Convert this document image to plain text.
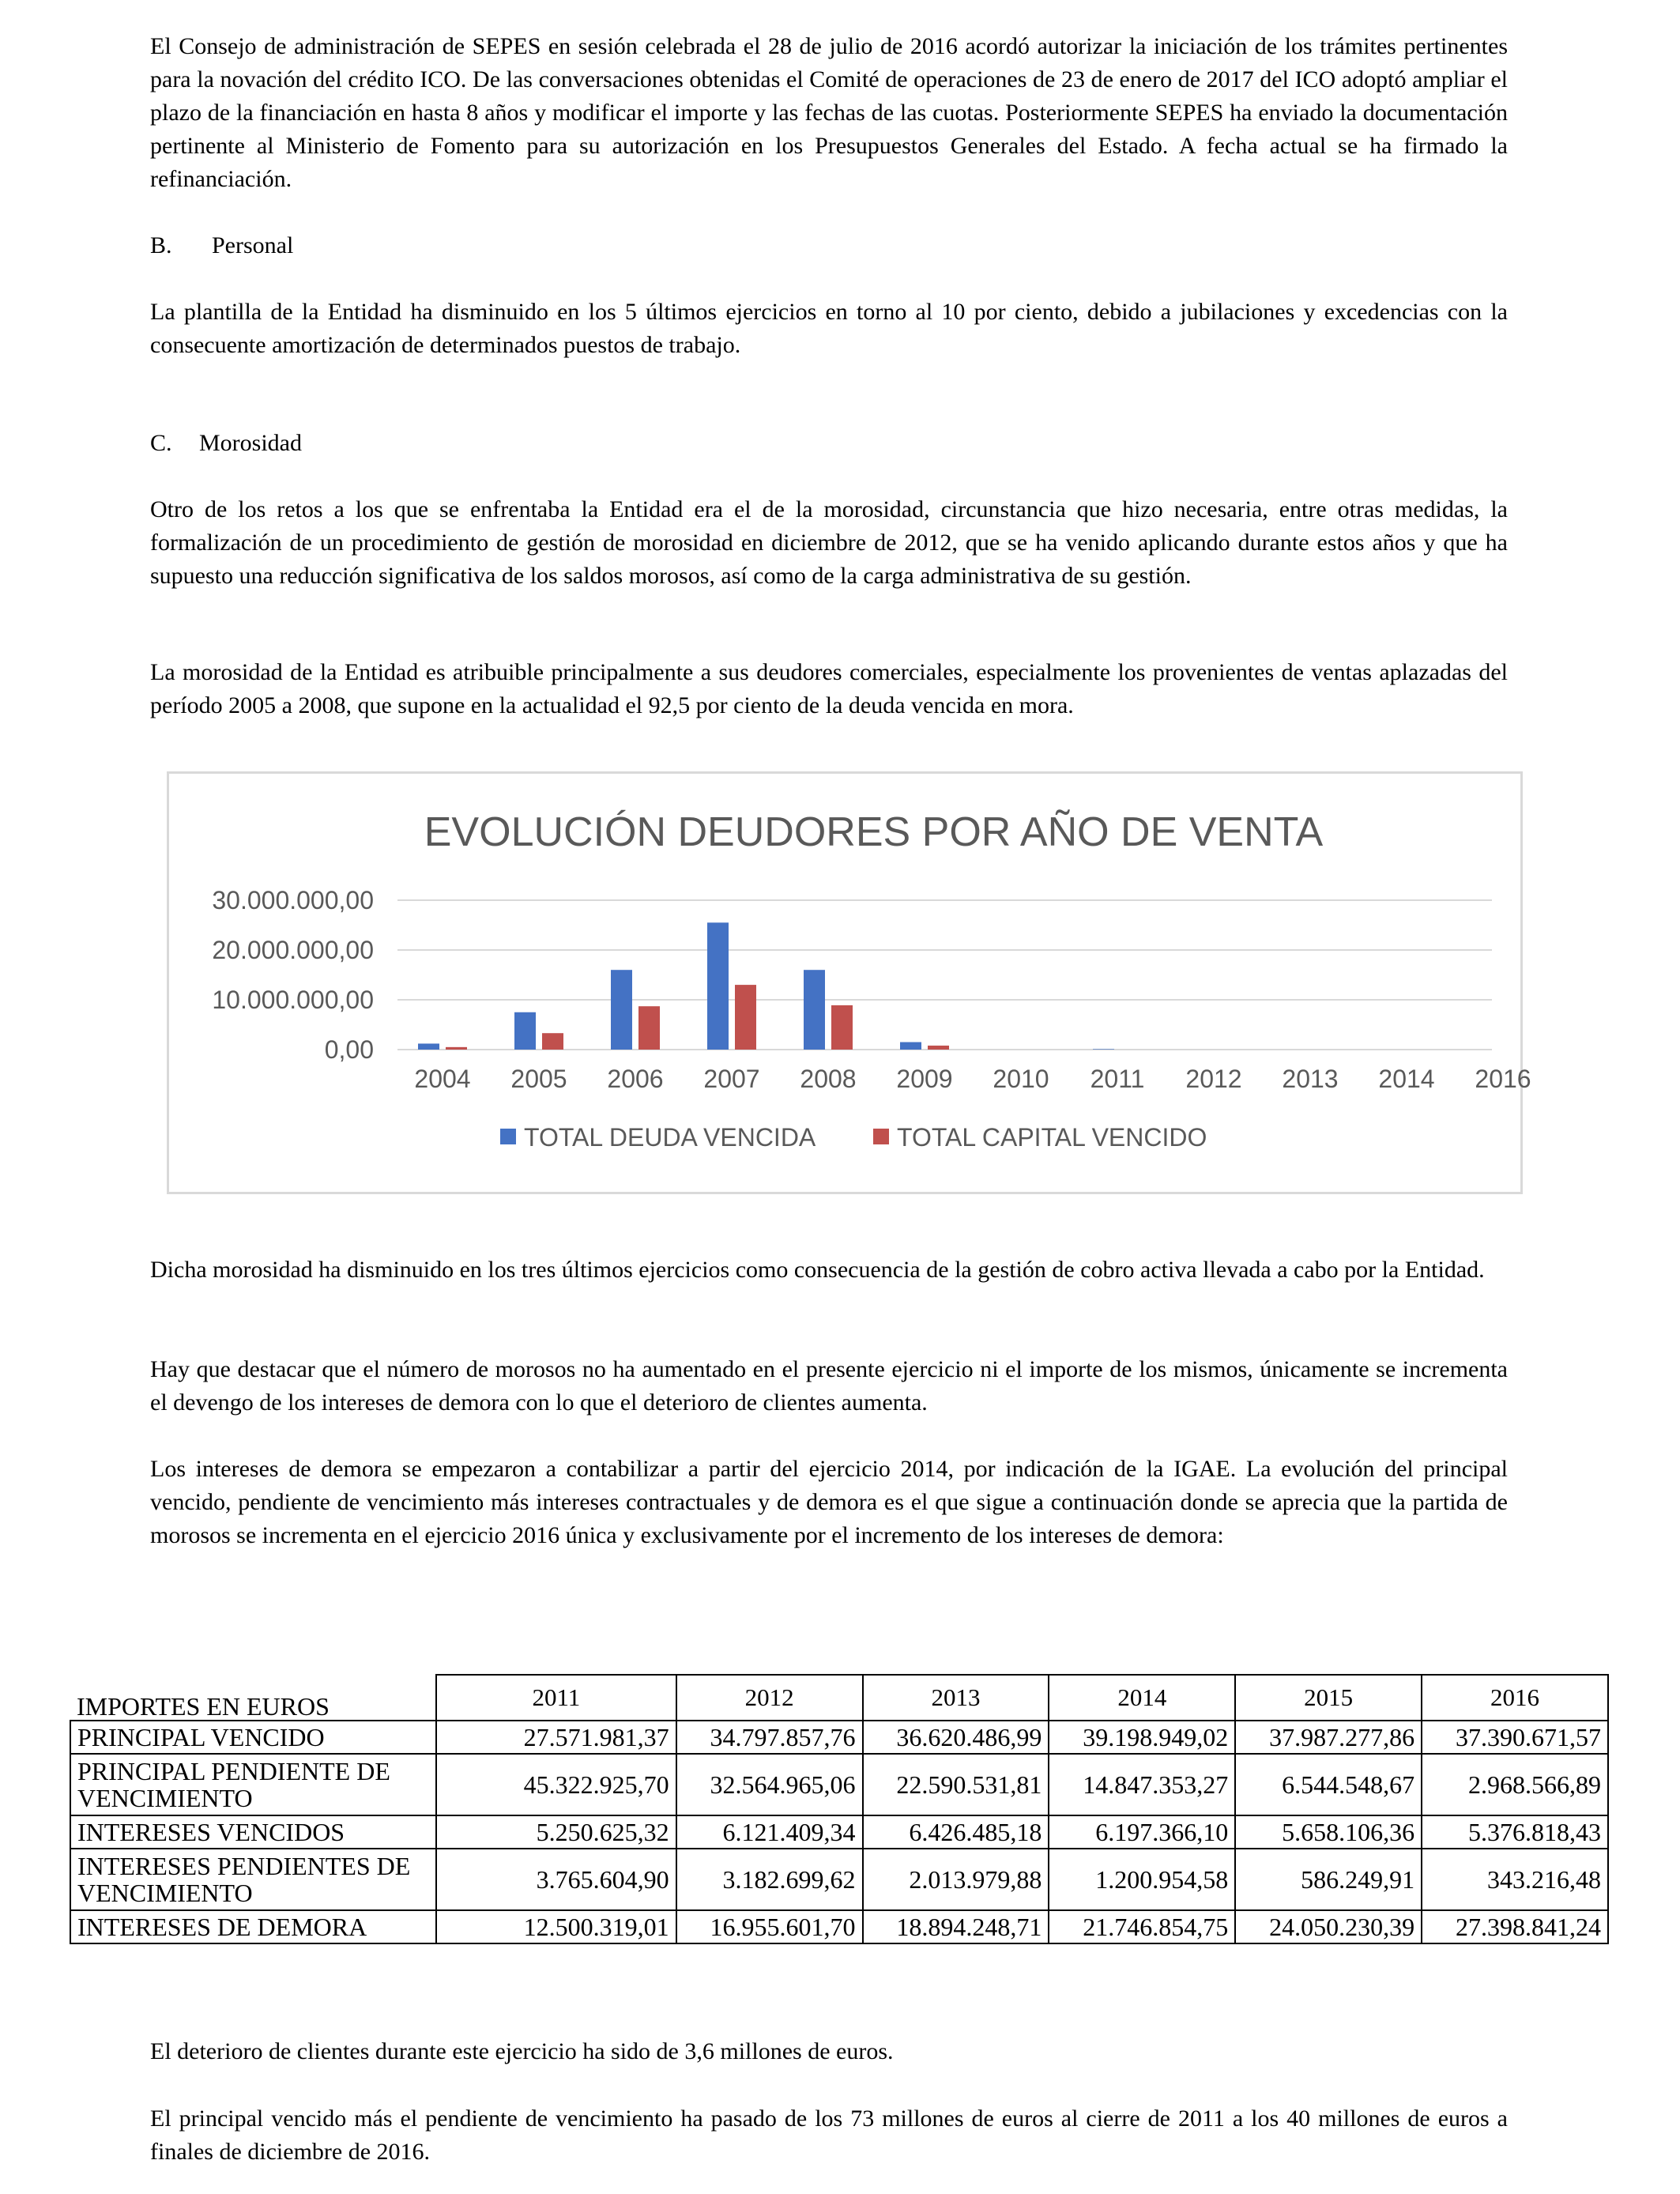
El Consejo de administración de SEPES en sesión celebrada el 28 de julio de 2016 acordó autorizar la iniciación de los trámites pertinentes para la novación del crédito ICO. De las conversaciones obtenidas el Comité de operaciones de 23 de enero de 2017 del ICO adoptó ampliar el plazo de la financiación en hasta 8 años y modificar el importe y las fechas de las cuotas. Posteriormente SEPES ha enviado la documentación pertinente al Ministerio de Fomento para su autorización en los Presupuestos Generales del Estado. A fecha actual se ha firmado la refinanciación.

B. Personal

La plantilla de la Entidad ha disminuido en los 5 últimos ejercicios en torno al 10 por ciento, debido a jubilaciones y excedencias con la consecuente amortización de determinados puestos de trabajo.

C. Morosidad

Otro de los retos a los que se enfrentaba la Entidad era el de la morosidad, circunstancia que hizo necesaria, entre otras medidas, la formalización de un procedimiento de gestión de morosidad en diciembre de 2012, que se ha venido aplicando durante estos años y que ha supuesto una reducción significativa de los saldos morosos, así como de la carga administrativa de su gestión.

La morosidad de la Entidad es atribuible principalmente a sus deudores comerciales, especialmente los provenientes de ventas aplazadas del período 2005 a 2008, que supone en la actualidad el 92,5 por ciento de la deuda vencida en mora.

EVOLUCIÓN DEUDORES POR AÑO DE VENTA
0,00
10.000.000,00
20.000.000,00
30.000.000,00
2004 2005 2006 2007 2008 2009 2010 2011 2012 2013 2014 2016
TOTAL DEUDA VENCIDA	TOTAL CAPITAL VENCIDO

Dicha morosidad ha disminuido en los tres últimos ejercicios como consecuencia de la gestión de cobro activa llevada a cabo por la Entidad.

Hay que destacar que el número de morosos no ha aumentado en el presente ejercicio ni el importe de los mismos, únicamente se incrementa el devengo de los intereses de demora con lo que el deterioro de clientes aumenta.

Los intereses de demora se empezaron a contabilizar a partir del ejercicio 2014, por indicación de la IGAE. La evolución del principal vencido, pendiente de vencimiento más intereses contractuales y de demora es el que sigue a continuación donde se aprecia que la partida de morosos se incrementa en el ejercicio 2016 única y exclusivamente por el incremento de los intereses de demora:

IMPORTES EN EUROS	2011	2012	2013	2014	2015	2016
PRINCIPAL VENCIDO	27.571.981,37	34.797.857,76	36.620.486,99	39.198.949,02	37.987.277,86	37.390.671,57
PRINCIPAL PENDIENTE DE VENCIMIENTO	45.322.925,70	32.564.965,06	22.590.531,81	14.847.353,27	6.544.548,67	2.968.566,89
INTERESES VENCIDOS	5.250.625,32	6.121.409,34	6.426.485,18	6.197.366,10	5.658.106,36	5.376.818,43
INTERESES PENDIENTES DE VENCIMIENTO	3.765.604,90	3.182.699,62	2.013.979,88	1.200.954,58	586.249,91	343.216,48
INTERESES DE DEMORA	12.500.319,01	16.955.601,70	18.894.248,71	21.746.854,75	24.050.230,39	27.398.841,24

El deterioro de clientes durante este ejercicio ha sido de 3,6 millones de euros.

El principal vencido más el pendiente de vencimiento ha pasado de los 73 millones de euros al cierre de 2011 a los 40 millones de euros a finales de diciembre de 2016.
